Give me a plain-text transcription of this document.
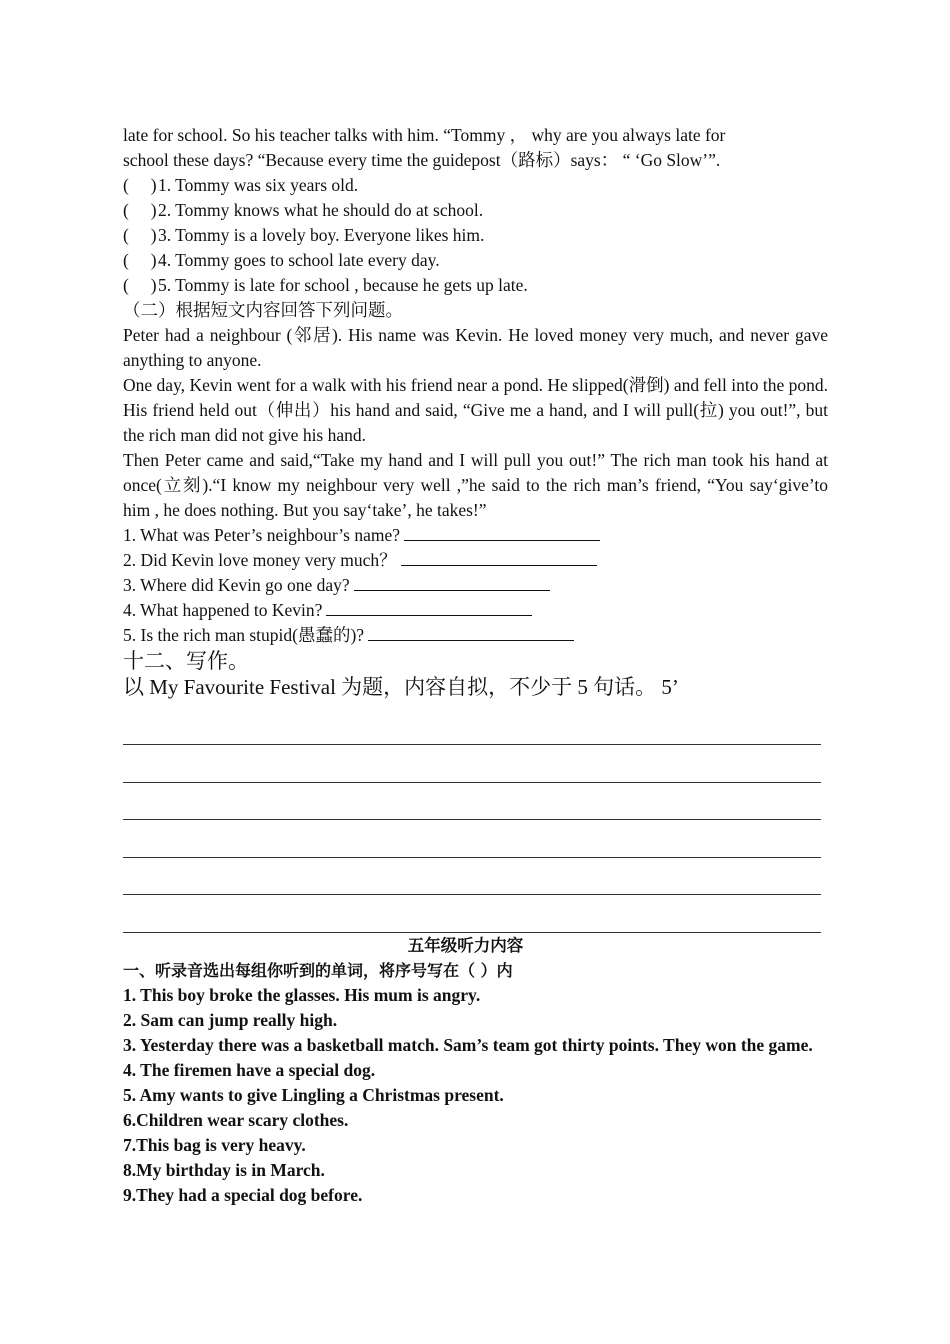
late for school. So his teacher talks with him. “Tommy ， why are you always late for

school these days? “Because every time the guidepost（路标）says： “ ‘Go Slow’”.

(     ) 1. Tommy was six years old.
(     ) 2. Tommy knows what he should do at school.
(     ) 3. Tommy is a lovely boy. Everyone likes him.
(     ) 4. Tommy goes to school late every day.
(     ) 5. Tommy is late for school , because he gets up late.

（二）根据短文内容回答下列问题。

Peter had a neighbour (邻居). His name was Kevin. He loved money very much, and never gave anything to anyone.

One day, Kevin went for a walk with his friend near a pond. He slipped(滑倒) and fell into the pond. His friend held out（伸出）his hand and said, “Give me a hand, and I will pull(拉) you out!”, but the rich man did not give his hand.

Then Peter came and said,“Take my hand and I will pull you out!” The rich man took his hand at once(立刻).“I know my neighbour very well ,”he said to the rich man’s friend, “You say‘give’to him , he does nothing. But you say‘take’, he takes!”

1. What was Peter’s neighbour’s name?
2. Did Kevin love money very much？
3. Where did Kevin go one day?
4. What happened to Kevin?
5. Is the rich man stupid(愚蠢的)?

十二、写作。

以 My Favourite Festival 为题，内容自拟，不少于 5 句话。 5’

五年级听力内容

一、听录音选出每组你听到的单词，将序号写在（ ）内

1. This boy broke the glasses. His mum is angry.

2. Sam can jump really high.

3. Yesterday there was a basketball match. Sam’s team got thirty points. They won the game.

4. The firemen have a special dog.

5. Amy wants to give Lingling a Christmas present.

6.Children wear scary clothes.

7.This bag is very heavy.

8.My birthday is in March.

9.They had a special dog before.
